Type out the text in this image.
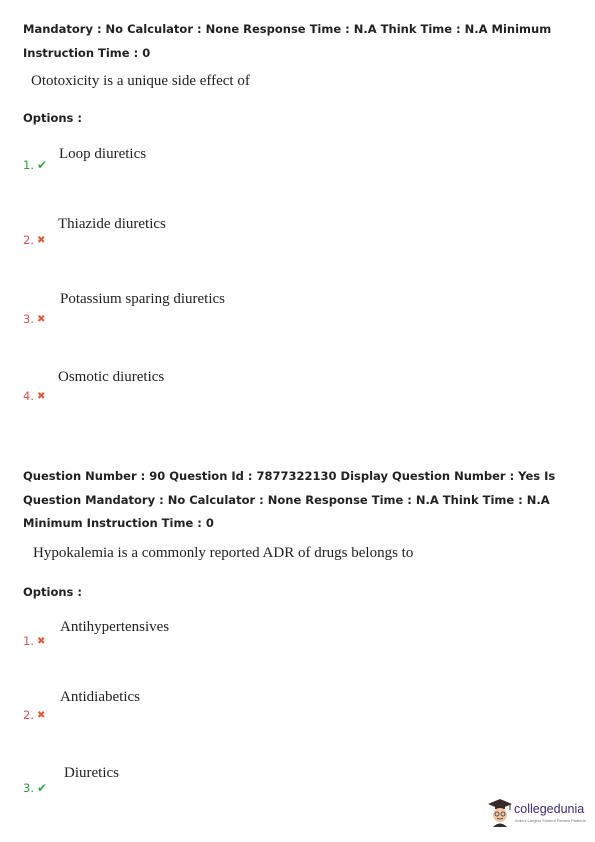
Mandatory : No Calculator : None Response Time : N.A Think Time : N.A Minimum Instruction Time : 0
Ototoxicity is a unique side effect of
Options :
1. ✔
Loop diuretics
2. ✖
Thiazide diuretics
3. ✖
Potassium sparing diuretics
4. ✖
Osmotic diuretics
Question Number : 90 Question Id : 7877322130 Display Question Number : Yes Is Question Mandatory : No Calculator : None Response Time : N.A Think Time : N.A Minimum Instruction Time : 0
Hypokalemia is a commonly reported ADR of drugs belongs to
Options :
1. ✖
Antihypertensives
2. ✖
Antidiabetics
3. ✔
Diuretics
collegedunia
India's Largest Student Review Platform
